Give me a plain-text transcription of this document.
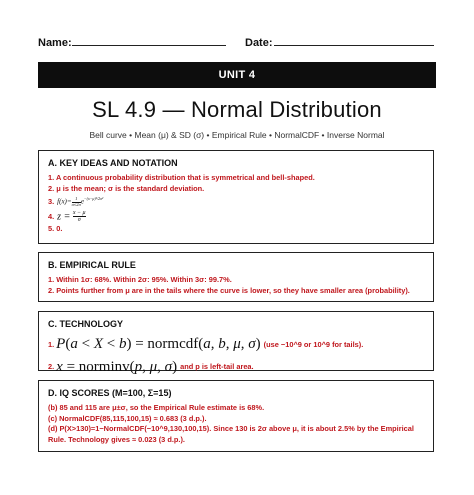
Name:	Date:
UNIT 4
SL 4.9 — Normal Distribution
Bell curve • Mean (μ) & SD (σ) • Empirical Rule • NormalCDF • Inverse Normal
A. KEY IDEAS AND NOTATION
1. A continuous probability distribution that is symmetrical and bell-shaped.
2. μ is the mean; σ is the standard deviation.
3. $f(x)= \frac{1}{\sigma√2\pi} e^{-(x-\mu)^2/2\sigma^2}$
4. $z = \frac{x - \mu}{\sigma}$
5. 0.
B. EMPIRICAL RULE
1. Within 1σ: 68%. Within 2σ: 95%. Within 3σ: 99.7%.
2. Points further from μ are in the tails where the curve is lower, so they have smaller area (probability).
C. TECHNOLOGY
1. P(a < X < b) = normcdf(a, b, μ, σ) (use −10^9 or 10^9 for tails).
2. x = norminv(p, μ, σ) and p is left-tail area.
D. IQ SCORES (M=100, Σ=15)
(b) 85 and 115 are μ±σ, so the Empirical Rule estimate is 68%.
(c) NormalCDF(85,115,100,15) ≈ 0.683 (3 d.p.).
(d) P(X>130)=1−NormalCDF(−10^9,130,100,15). Since 130 is 2σ above μ, it is about 2.5% by the Empirical Rule. Technology gives ≈ 0.023 (3 d.p.).
